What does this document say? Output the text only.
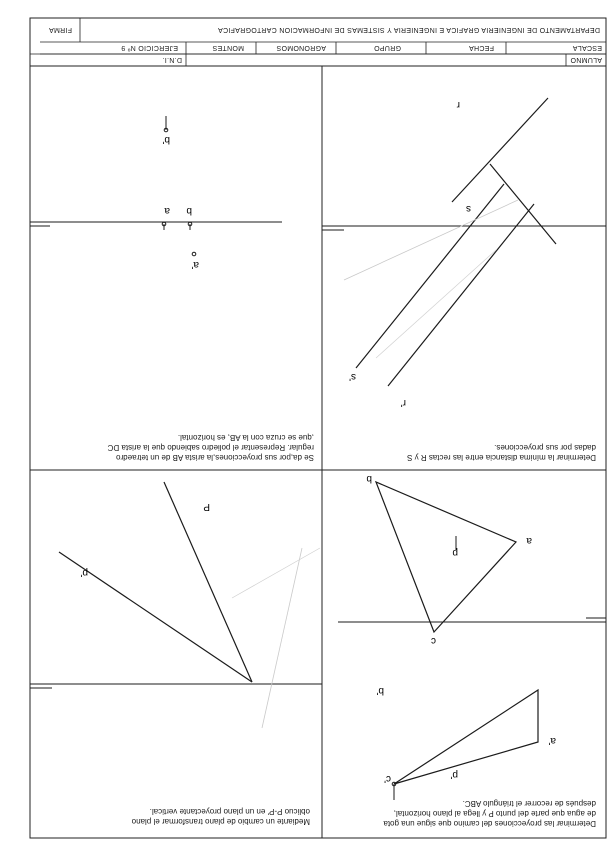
ALUMNO
D.N.I.
ESCALA
FECHA
GRUPO
AGRONOMOS
MONTES
EJERCICIO Nº 9
DEPARTAMENTO DE INGENIERIA GRAFICA E INGENIERIA Y SISTEMAS DE INFORMACION CARTOGRAFICA
FIRMA
Determinar las proyecciones del camino que sigue una gota
de agua que parte del punto P y llega al plano horizontal,
después de recorrer el triángulo ABC.
p'
c'
b'
a'
p
c
a
b
Mediante un cambio de plano transformar el plano
oblicuo P-P' en un plano proyectante vertical.
p'
P
Determinar la mínima distancia entre las rectas R y S
dadas por sus proyecciones.
r'
s'
s
r
Se da,por sus proyecciones,la arista AB de un tetraedro
regular. Representar el poliedro sabiendo que la arista DC
,que se cruza con la AB, es horizontal.
a b
a'
b'
